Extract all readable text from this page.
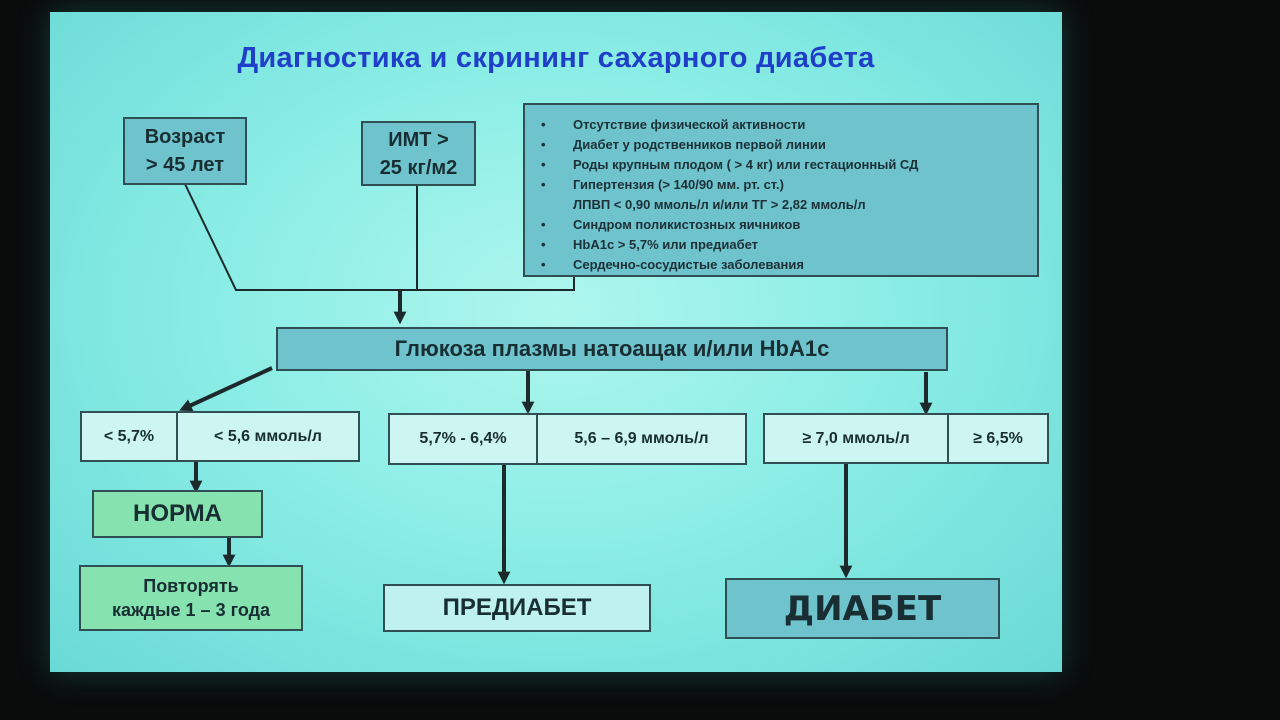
Диагностика и скрининг сахарного диабета
Возраст
> 45 лет
ИМТ >
25 кг/м2
• Отсутствие физической активности
• Диабет у родственников первой линии
• Роды крупным плодом ( > 4 кг) или гестационный СД
• Гипертензия (> 140/90 мм. рт. ст.)
ЛПВП < 0,90 ммоль/л и/или ТГ > 2,82 ммоль/л
• Синдром поликистозных яичников
• HbA1c > 5,7% или предиабет
• Сердечно-сосудистые заболевания
Глюкоза плазмы натоащак и/или HbA1c
< 5,7%	< 5,6 ммоль/л	5,7% - 6,4%	5,6 – 6,9 ммоль/л	≥ 7,0 ммоль/л	≥ 6,5%
НОРМА
Повторять
каждые 1 – 3 года	ПРЕДИАБЕТ	ДИАБЕТ
